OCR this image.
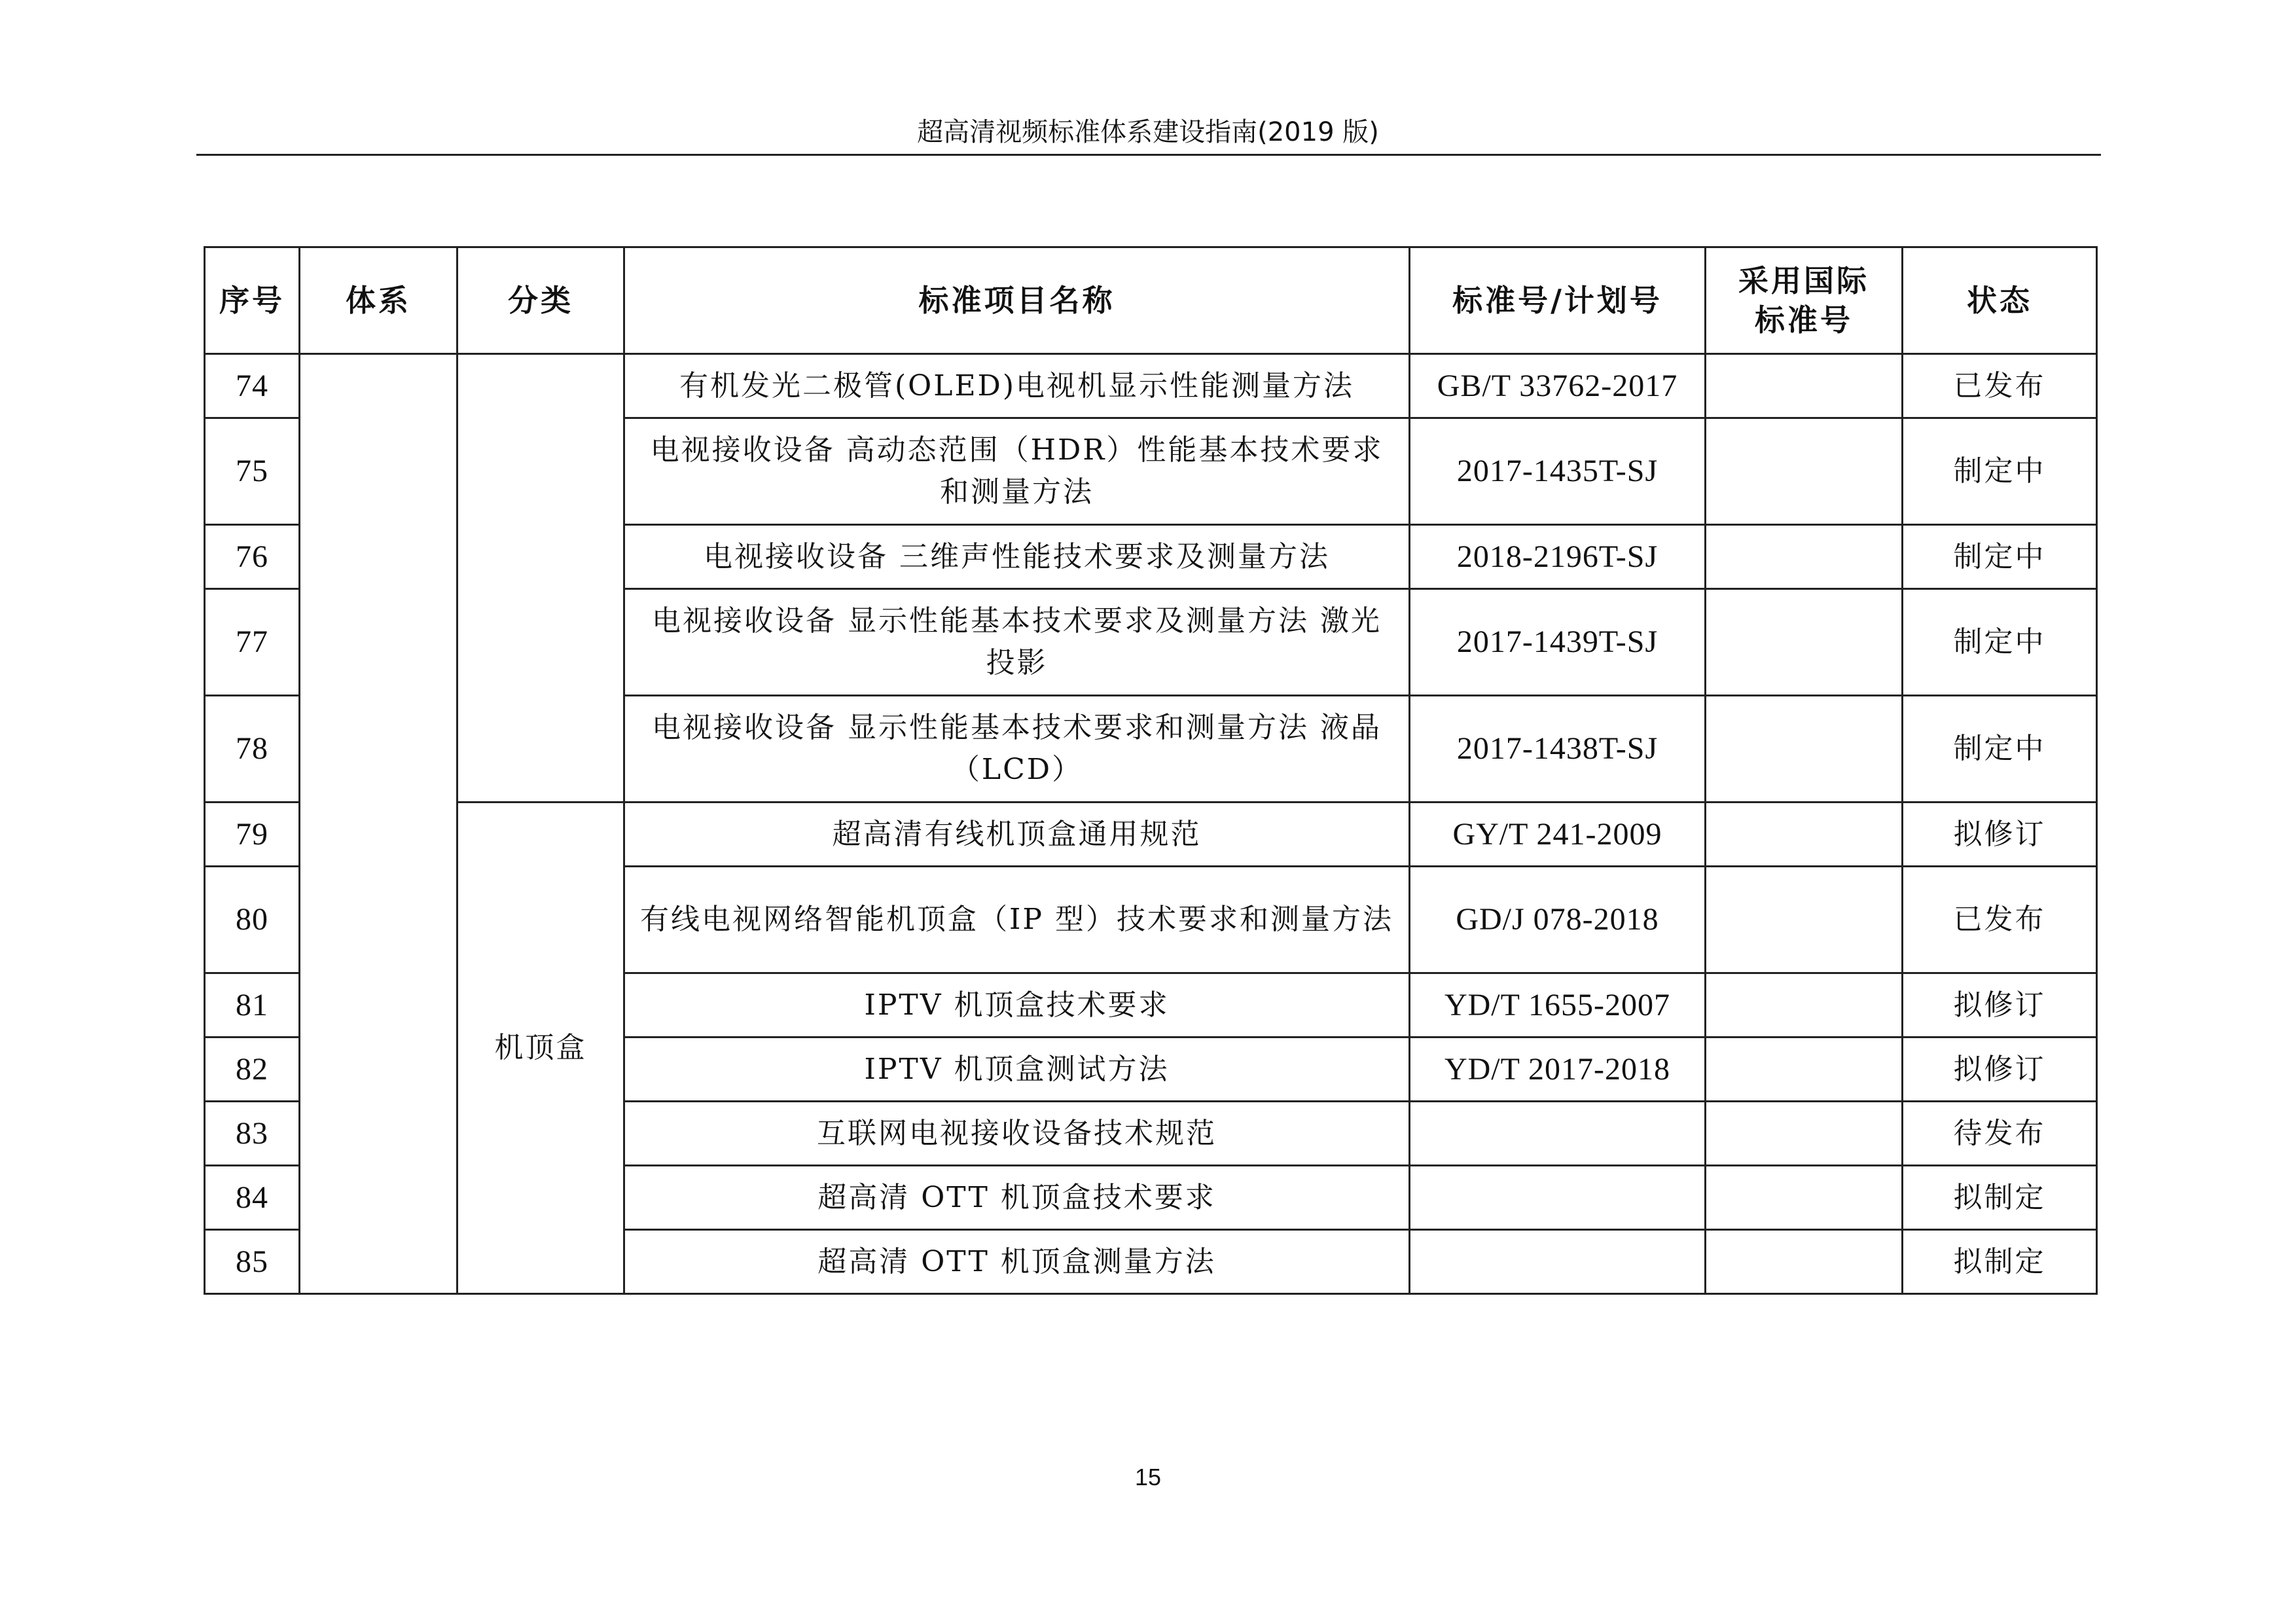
超高清视频标准体系建设指南(2019 版)
序号	体系	分类	标准项目名称	标准号/计划号	采用国际标准号	状态
74			有机发光二极管(OLED)电视机显示性能测量方法	GB/T 33762-2017		已发布
75			电视接收设备 高动态范围（HDR）性能基本技术要求和测量方法	2017-1435T-SJ		制定中
76			电视接收设备 三维声性能技术要求及测量方法	2018-2196T-SJ		制定中
77			电视接收设备 显示性能基本技术要求及测量方法 激光投影	2017-1439T-SJ		制定中
78			电视接收设备 显示性能基本技术要求和测量方法 液晶（LCD）	2017-1438T-SJ		制定中
79		机顶盒	超高清有线机顶盒通用规范	GY/T 241-2009		拟修订
80			有线电视网络智能机顶盒（IP 型）技术要求和测量方法	GD/J 078-2018		已发布
81			IPTV 机顶盒技术要求	YD/T 1655-2007		拟修订
82			IPTV 机顶盒测试方法	YD/T 2017-2018		拟修订
83			互联网电视接收设备技术规范			待发布
84			超高清 OTT 机顶盒技术要求			拟制定
85			超高清 OTT 机顶盒测量方法			拟制定
15
